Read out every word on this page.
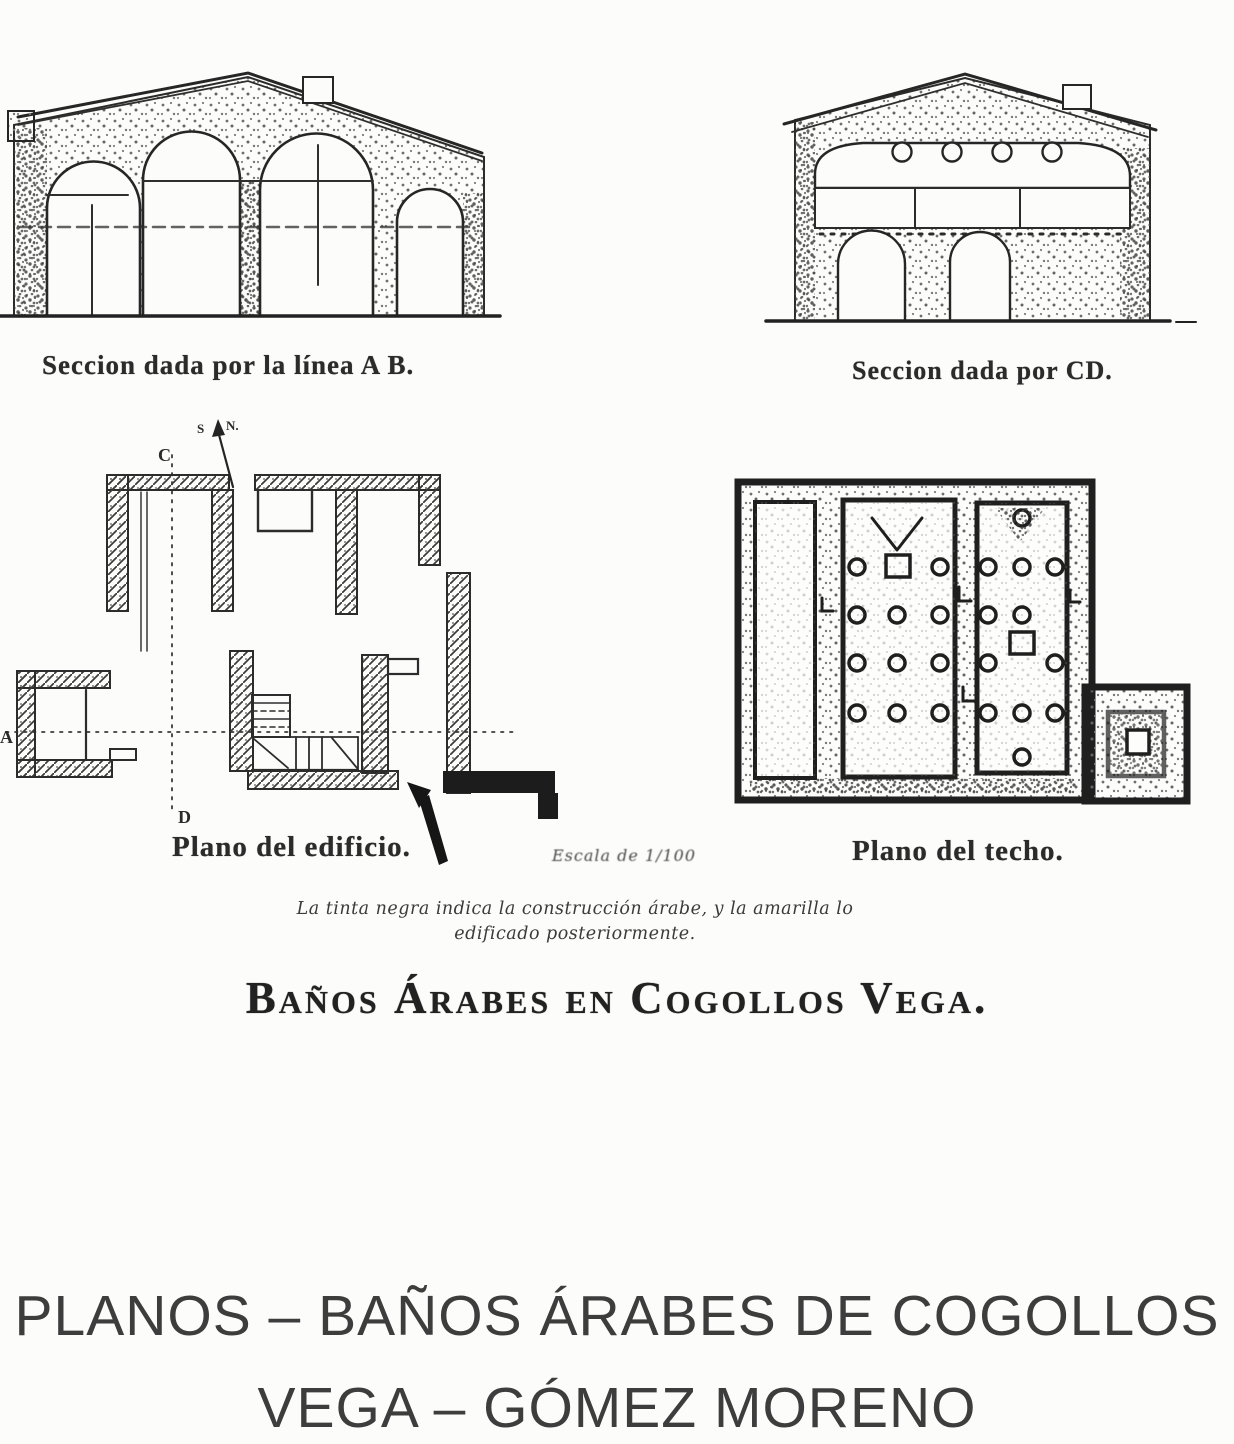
C
D
A
S N.
Seccion dada por la línea A B.	Seccion dada por CD.
Plano del edificio.	Plano del techo.
Escala de 1/100
La tinta negra indica la construcción árabe, y la amarilla lo
edificado posteriormente.
Baños Árabes en Cogollos Vega.
PLANOS – BAÑOS ÁRABES DE COGOLLOS
VEGA – GÓMEZ MORENO
